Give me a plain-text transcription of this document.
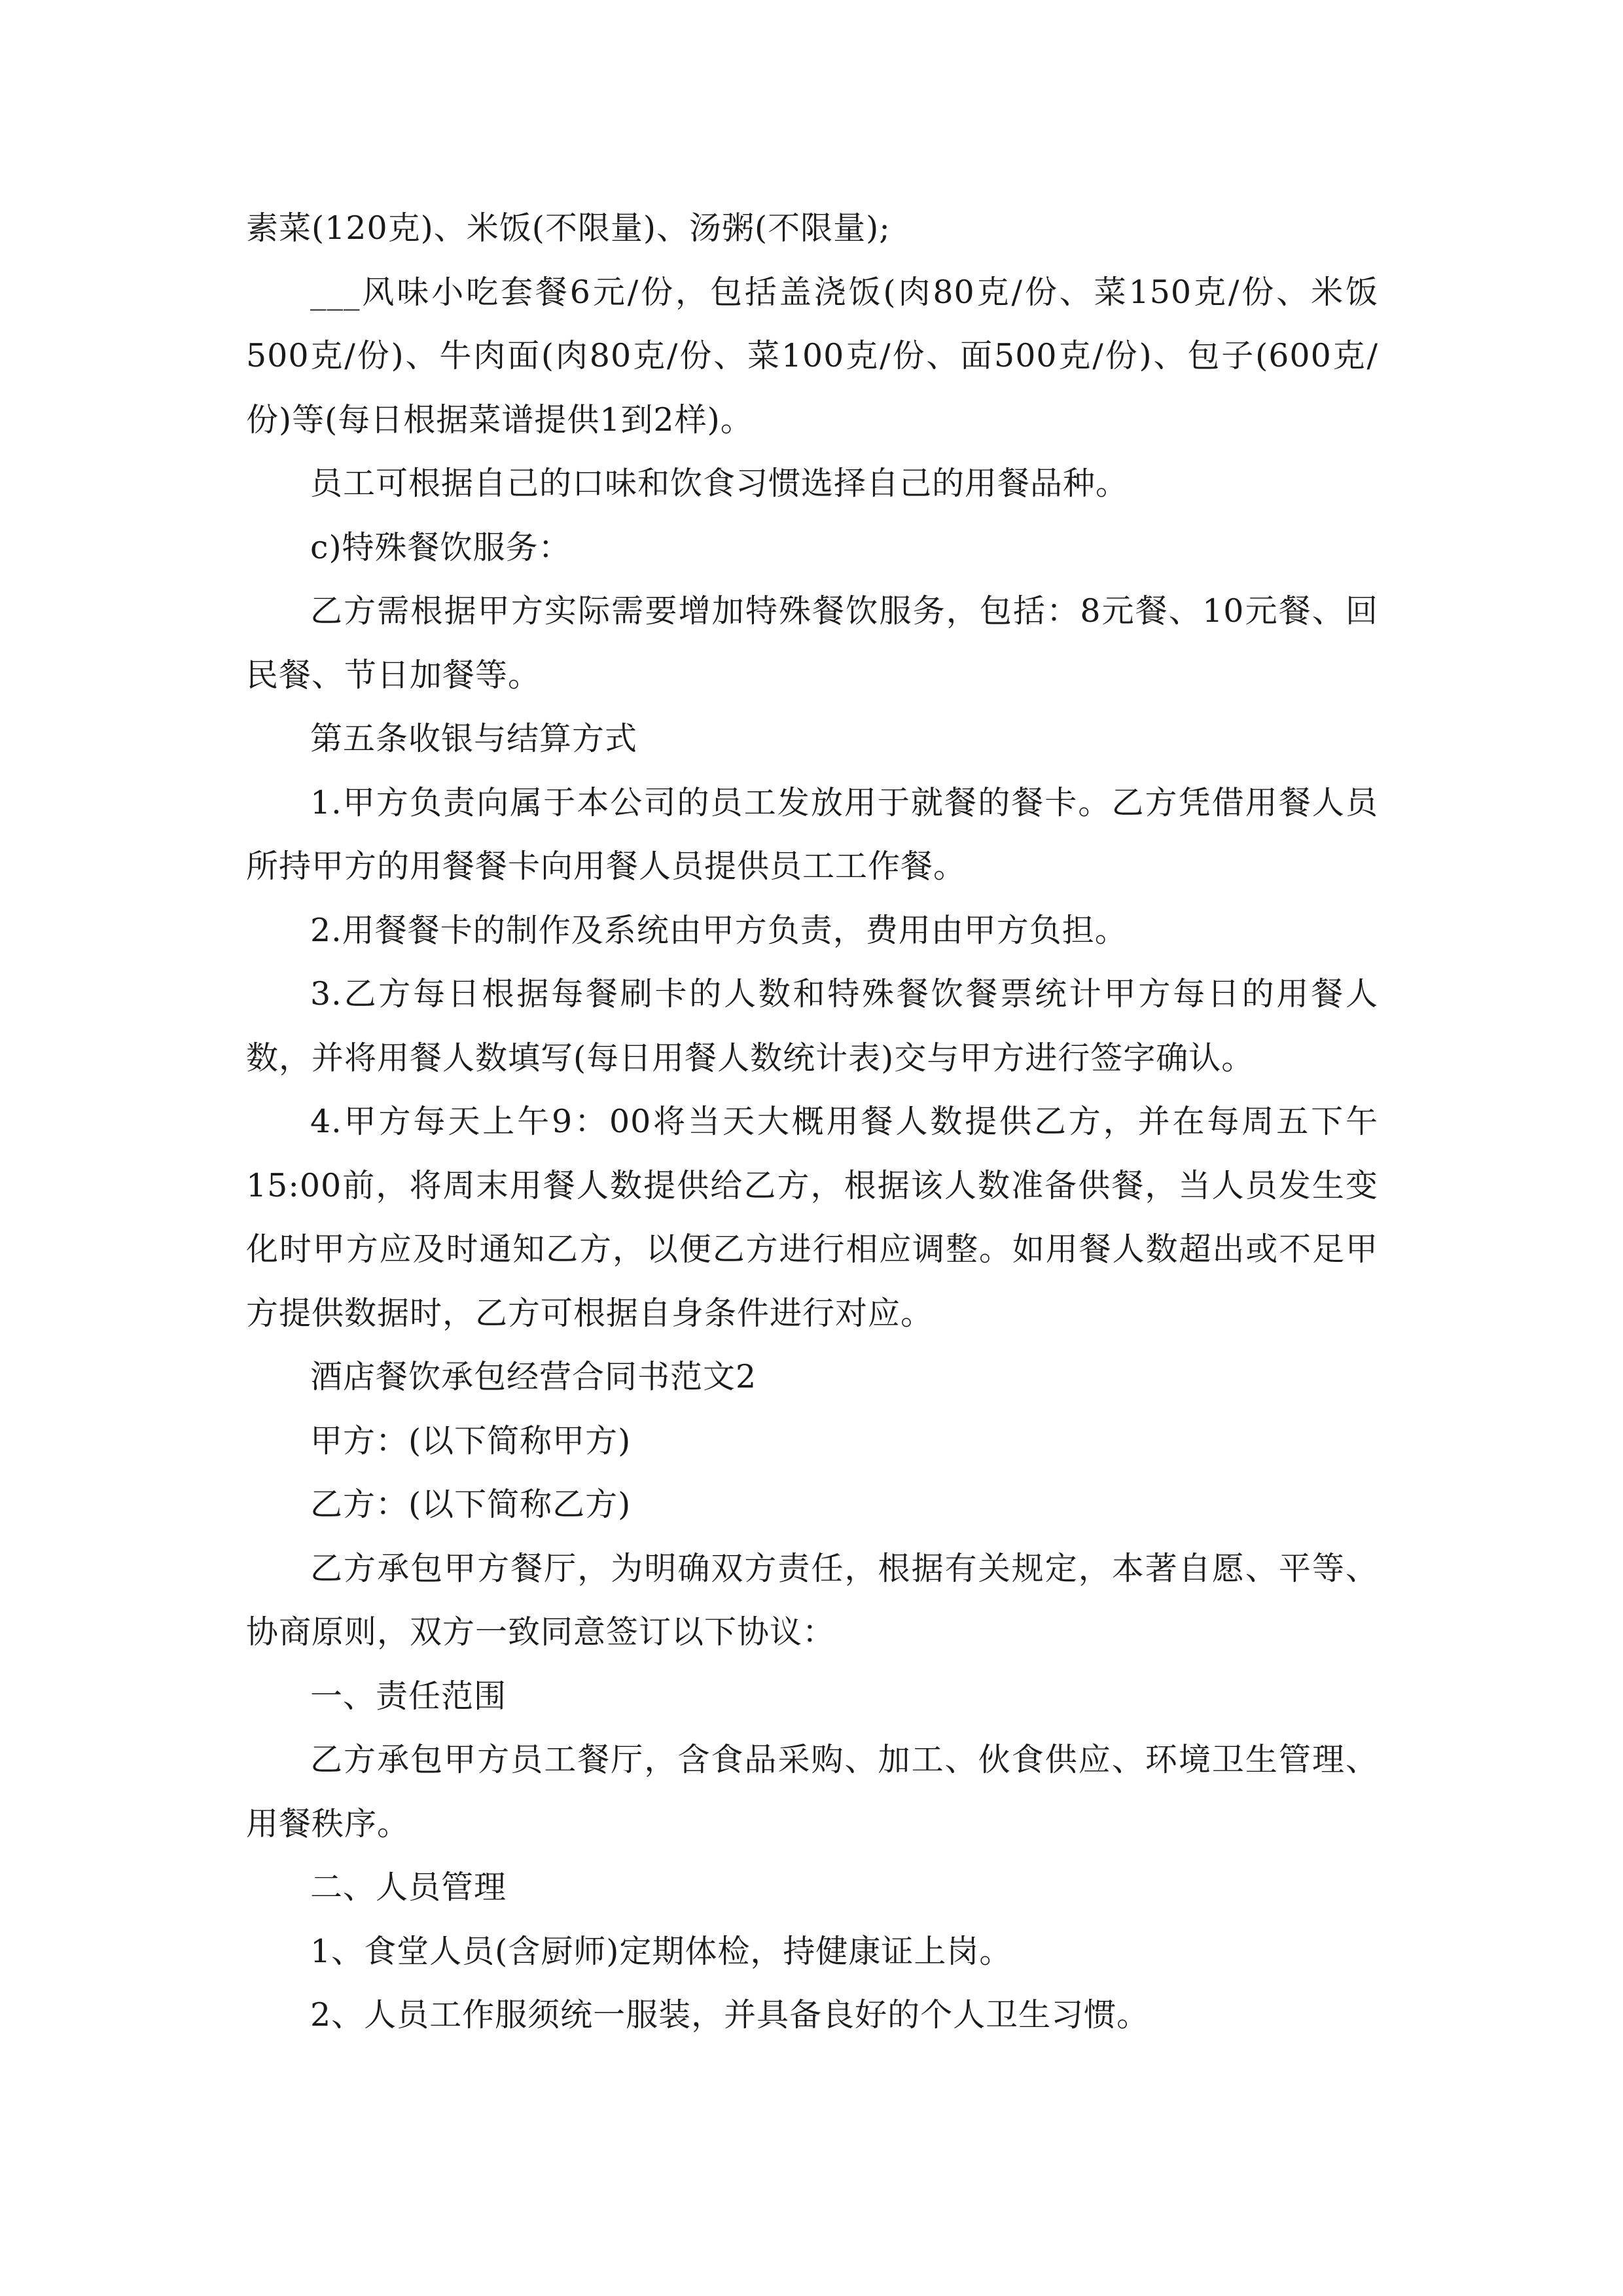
素菜(120克)、米饭(不限量)、汤粥(不限量);

___风味小吃套餐6元/份，包括盖浇饭(肉80克/份、菜150克/份、米饭500克/份)、牛肉面(肉80克/份、菜100克/份、面500克/份)、包子(600克/份)等(每日根据菜谱提供1到2样)。

员工可根据自己的口味和饮食习惯选择自己的用餐品种。

c)特殊餐饮服务：

乙方需根据甲方实际需要增加特殊餐饮服务，包括：8元餐、10元餐、回民餐、节日加餐等。

第五条收银与结算方式

1.甲方负责向属于本公司的员工发放用于就餐的餐卡。乙方凭借用餐人员所持甲方的用餐餐卡向用餐人员提供员工工作餐。

2.用餐餐卡的制作及系统由甲方负责，费用由甲方负担。

3.乙方每日根据每餐刷卡的人数和特殊餐饮餐票统计甲方每日的用餐人数，并将用餐人数填写(每日用餐人数统计表)交与甲方进行签字确认。

4.甲方每天上午9：00将当天大概用餐人数提供乙方，并在每周五下午15:00前，将周末用餐人数提供给乙方，根据该人数准备供餐，当人员发生变化时甲方应及时通知乙方，以便乙方进行相应调整。如用餐人数超出或不足甲方提供数据时，乙方可根据自身条件进行对应。

酒店餐饮承包经营合同书范文2

甲方：(以下简称甲方)

乙方：(以下简称乙方)

乙方承包甲方餐厅，为明确双方责任，根据有关规定，本著自愿、平等、协商原则，双方一致同意签订以下协议：

一、责任范围

乙方承包甲方员工餐厅，含食品采购、加工、伙食供应、环境卫生管理、用餐秩序。

二、人员管理

1、食堂人员(含厨师)定期体检，持健康证上岗。

2、人员工作服须统一服装，并具备良好的个人卫生习惯。
